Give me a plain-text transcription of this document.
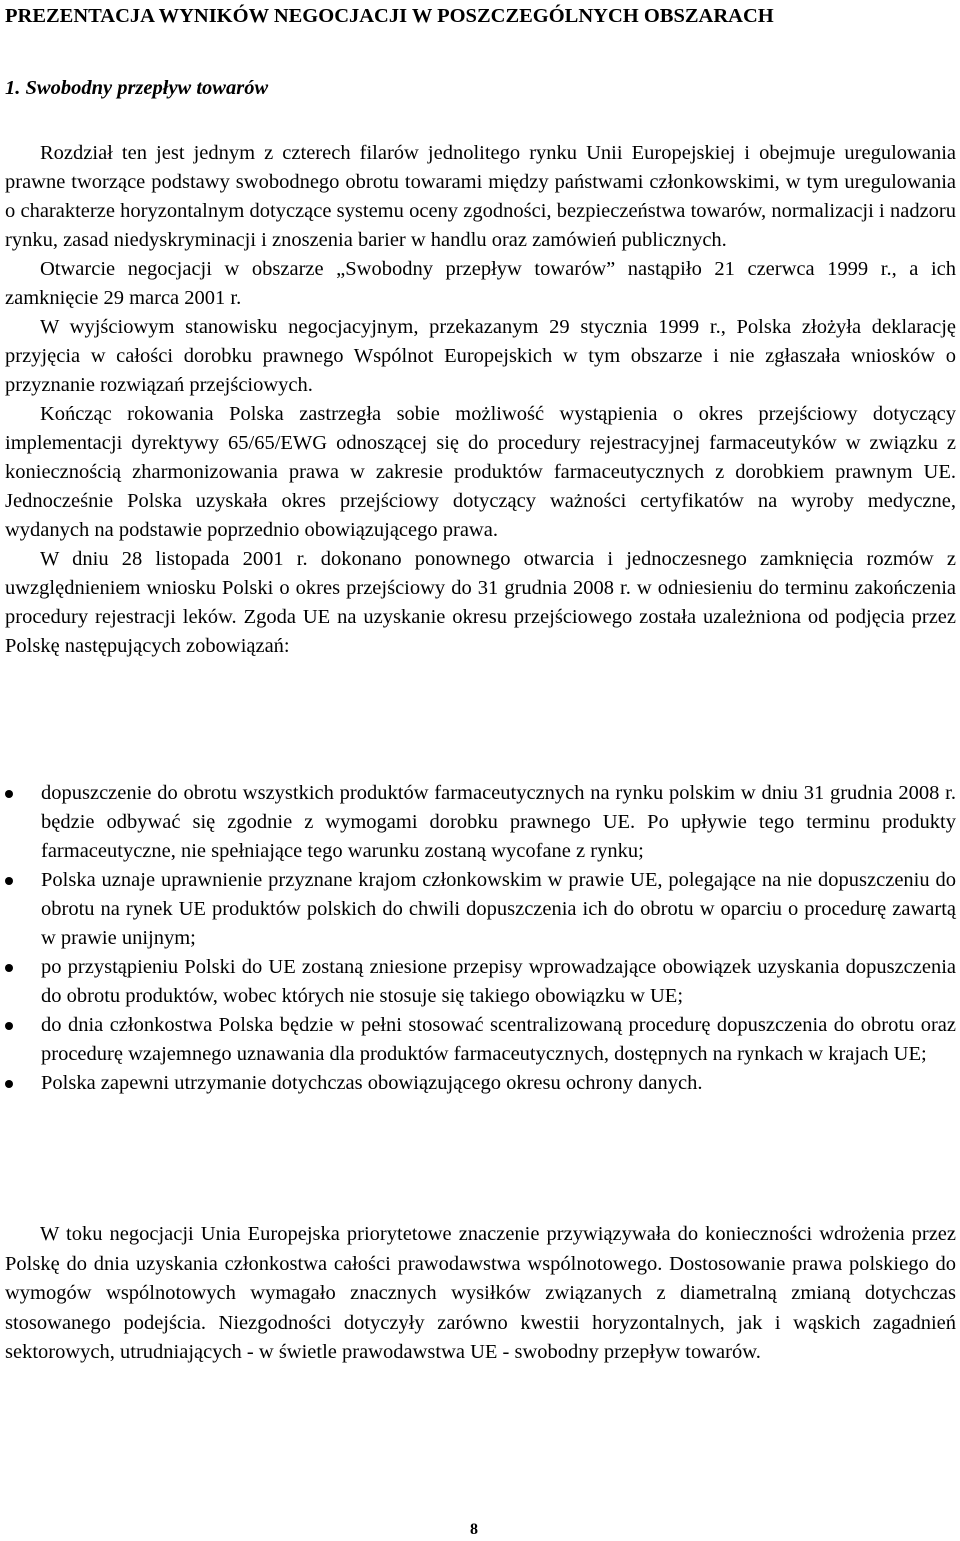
PREZENTACJA WYNIKÓW NEGOCJACJI W POSZCZEGÓLNYCH OBSZARACH
1. Swobodny przepływ towarów

Rozdział ten jest jednym z czterech filarów jednolitego rynku Unii Europejskiej i obejmuje uregulowania prawne tworzące podstawy swobodnego obrotu towarami między państwami członkowskimi, w tym uregulowania o charakterze horyzontalnym dotyczące systemu oceny zgodności, bezpieczeństwa towarów, normalizacji i nadzoru rynku, zasad niedyskryminacji i znoszenia barier w handlu oraz zamówień publicznych.

Otwarcie negocjacji w obszarze „Swobodny przepływ towarów” nastąpiło 21 czerwca 1999 r., a ich zamknięcie 29 marca 2001 r.

W wyjściowym stanowisku negocjacyjnym, przekazanym 29 stycznia 1999 r., Polska złożyła deklarację przyjęcia w całości dorobku prawnego Wspólnot Europejskich w tym obszarze i nie zgłaszała wniosków o przyznanie rozwiązań przejściowych.

Kończąc rokowania Polska zastrzegła sobie możliwość wystąpienia o okres przejściowy dotyczący implementacji dyrektywy 65/65/EWG odnoszącej się do procedury rejestracyjnej farmaceutyków w związku z koniecznością zharmonizowania prawa w zakresie produktów farmaceutycznych z dorobkiem prawnym UE. Jednocześnie Polska uzyskała okres przejściowy dotyczący ważności certyfikatów na wyroby medyczne, wydanych na podstawie poprzednio obowiązującego prawa.

W dniu 28 listopada 2001 r. dokonano ponownego otwarcia i jednoczesnego zamknięcia rozmów z uwzględnieniem wniosku Polski o okres przejściowy do 31 grudnia 2008 r. w odniesieniu do terminu zakończenia procedury rejestracji leków. Zgoda UE na uzyskanie okresu przejściowego została uzależniona od podjęcia przez Polskę następujących zobowiązań:

dopuszczenie do obrotu wszystkich produktów farmaceutycznych na rynku polskim w dniu 31 grudnia 2008 r. będzie odbywać się zgodnie z wymogami dorobku prawnego UE. Po upływie tego terminu produkty farmaceutyczne, nie spełniające tego warunku zostaną wycofane z rynku;
Polska uznaje uprawnienie przyznane krajom członkowskim w prawie UE, polegające na nie dopuszczeniu do obrotu na rynek UE produktów polskich do chwili dopuszczenia ich do obrotu w oparciu o procedurę zawartą w prawie unijnym;
po przystąpieniu Polski do UE zostaną zniesione przepisy wprowadzające obowiązek uzyskania dopuszczenia do obrotu produktów, wobec których nie stosuje się takiego obowiązku w UE;
do dnia członkostwa Polska będzie w pełni stosować scentralizowaną procedurę dopuszczenia do obrotu oraz procedurę wzajemnego uznawania dla produktów farmaceutycznych, dostępnych na rynkach w krajach UE;
Polska zapewni utrzymanie dotychczas obowiązującego okresu ochrony danych.

W toku negocjacji Unia Europejska priorytetowe znaczenie przywiązywała do konieczności wdrożenia przez Polskę do dnia uzyskania członkostwa całości prawodawstwa wspólnotowego. Dostosowanie prawa polskiego do wymogów wspólnotowych wymagało znacznych wysiłków związanych z diametralną zmianą dotychczas stosowanego podejścia. Niezgodności dotyczyły zarówno kwestii horyzontalnych, jak i wąskich zagadnień sektorowych, utrudniających - w świetle prawodawstwa UE - swobodny przepływ towarów.

8
